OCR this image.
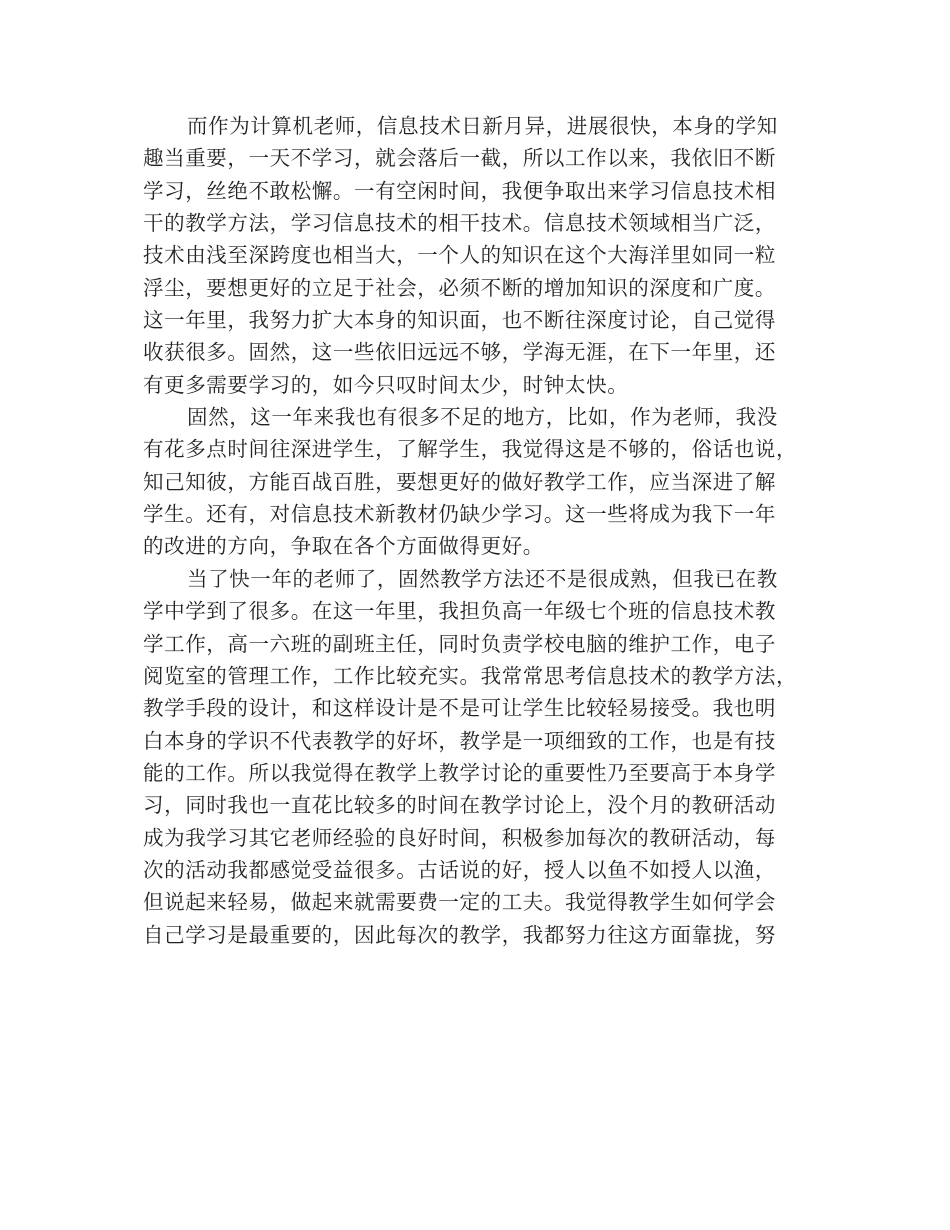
而作为计算机老师，信息技术日新月异，进展很快，本身的学知
趣当重要，一天不学习，就会落后一截，所以工作以来，我依旧不断
学习，丝绝不敢松懈。一有空闲时间，我便争取出来学习信息技术相
干的教学方法，学习信息技术的相干技术。信息技术领域相当广泛，
技术由浅至深跨度也相当大，一个人的知识在这个大海洋里如同一粒
浮尘，要想更好的立足于社会，必须不断的增加知识的深度和广度。
这一年里，我努力扩大本身的知识面，也不断往深度讨论，自己觉得
收获很多。固然，这一些依旧远远不够，学海无涯，在下一年里，还
有更多需要学习的，如今只叹时间太少，时钟太快。
固然，这一年来我也有很多不足的地方，比如，作为老师，我没
有花多点时间往深进学生，了解学生，我觉得这是不够的，俗话也说，
知己知彼，方能百战百胜，要想更好的做好教学工作，应当深进了解
学生。还有，对信息技术新教材仍缺少学习。这一些将成为我下一年
的改进的方向，争取在各个方面做得更好。
当了快一年的老师了，固然教学方法还不是很成熟，但我已在教
学中学到了很多。在这一年里，我担负高一年级七个班的信息技术教
学工作，高一六班的副班主任，同时负责学校电脑的维护工作，电子
阅览室的管理工作，工作比较充实。我常常思考信息技术的教学方法，
教学手段的设计，和这样设计是不是可让学生比较轻易接受。我也明
白本身的学识不代表教学的好坏，教学是一项细致的工作，也是有技
能的工作。所以我觉得在教学上教学讨论的重要性乃至要高于本身学
习，同时我也一直花比较多的时间在教学讨论上，没个月的教研活动
成为我学习其它老师经验的良好时间，积极参加每次的教研活动，每
次的活动我都感觉受益很多。古话说的好，授人以鱼不如授人以渔，
但说起来轻易，做起来就需要费一定的工夫。我觉得教学生如何学会
自己学习是最重要的，因此每次的教学，我都努力往这方面靠拢，努
